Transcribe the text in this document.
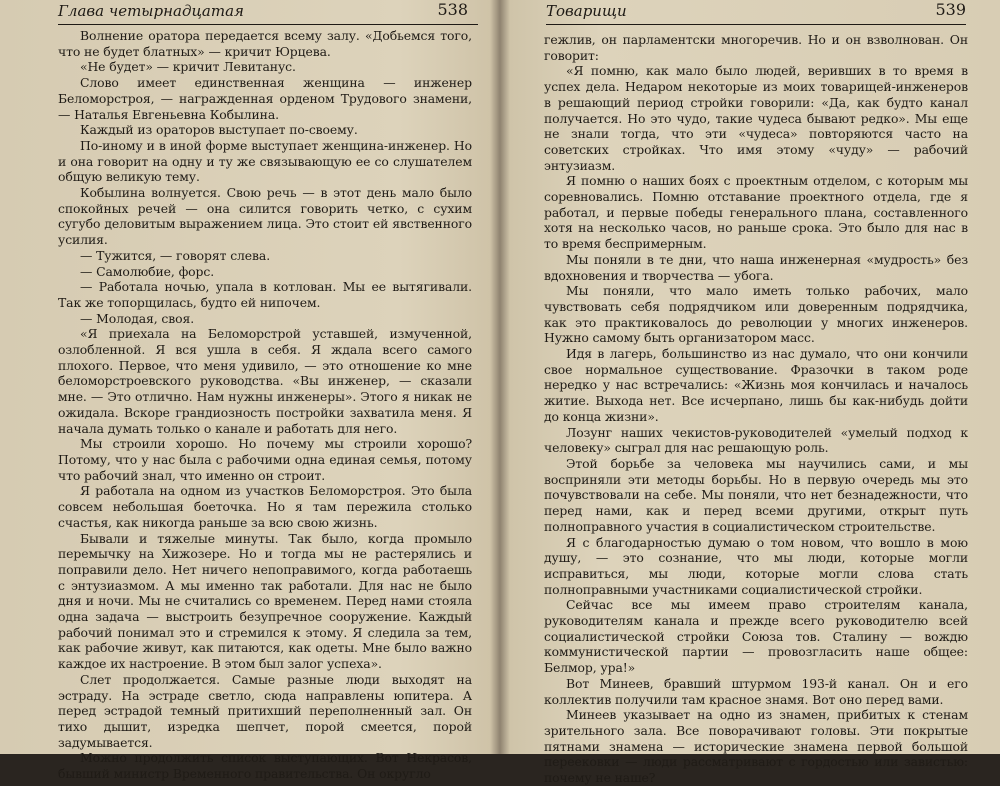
Глава четырнадцатая	538

Волнение оратора передается всему залу. «Добьемся того, что не будет блатных» — кричит Юрцева.

«Не будет» — кричит Левитанус.

Слово имеет единственная женщина — инженер Беломорстроя, — награжденная орденом Трудового знамени, — Наталья Евгеньевна Кобылина.

Каждый из ораторов выступает по-своему.

По-иному и в иной форме выступает женщина-инженер. Но и она говорит на одну и ту же связывающую ее со слушателем общую великую тему.

Кобылина волнуется. Свою речь — в этот день мало было спокойных речей — она силится говорить четко, с сухим сугубо деловитым выражением лица. Это стоит ей явственного усилия.

— Тужится, — говорят слева.

— Самолюбие, форс.

— Работала ночью, упала в котлован. Мы ее вытягивали. Так же топорщилась, будто ей нипочем.

— Молодая, своя.

«Я приехала на Беломорстрой уставшей, измученной, озлобленной. Я вся ушла в себя. Я ждала всего самого плохого. Первое, что меня удивило, — это отношение ко мне беломорстроевского руководства. «Вы инженер, — сказали мне. — Это отлично. Нам нужны инженеры». Этого я никак не ожидала. Вскоре грандиозность постройки захватила меня. Я начала думать только о канале и работать для него.

Мы строили хорошо. Но почему мы строили хорошо? Потому, что у нас была с рабочими одна единая семья, потому что рабочий знал, что именно он строит.

Я работала на одном из участков Беломорстроя. Это была совсем небольшая боеточка. Но я там пережила столько счастья, как никогда раньше за всю свою жизнь.

Бывали и тяжелые минуты. Так было, когда промыло перемычку на Хижозере. Но и тогда мы не растерялись и поправили дело. Нет ничего непоправимого, когда работаешь с энтузиазмом. А мы именно так работали. Для нас не было дня и ночи. Мы не считались со временем. Перед нами стояла одна задача — выстроить безупречное сооружение. Каждый рабочий понимал это и стремился к этому. Я следила за тем, как рабочие живут, как питаются, как одеты. Мне было важно каждое их настроение. В этом был залог успеха».

Слет продолжается. Самые разные люди выходят на эстраду. На эстраде светло, сюда направлены юпитера. А перед эстрадой темный притихший переполненный зал. Он тихо дышит, изредка шепчет, порой смеется, порой задумывается.

Можно продолжить список выступающих. Вот Некрасов, бывший министр Временного правительства. Он округло

Товарищи	539

гежлив, он парламентски многоречив. Но и он взволнован. Он говорит:

«Я помню, как мало было людей, веривших в то время в успех дела. Недаром некоторые из моих товарищей-инженеров в решающий период стройки говорили: «Да, как будто канал получается. Но это чудо, такие чудеса бывают редко». Мы еще не знали тогда, что эти «чудеса» повторяются часто на советских стройках. Что имя этому «чуду» — рабочий энтузиазм.

Я помню о наших боях с проектным отделом, с которым мы соревновались. Помню отставание проектного отдела, где я работал, и первые победы генерального плана, составленного хотя на несколько часов, но раньше срока. Это было для нас в то время беспримерным.

Мы поняли в те дни, что наша инженерная «мудрость» без вдохновения и творчества — убога.

Мы поняли, что мало иметь только рабочих, мало чувствовать себя подрядчиком или доверенным подрядчика, как это практиковалось до революции у многих инженеров. Нужно самому быть организатором масс.

Идя в лагерь, большинство из нас думало, что они кончили свое нормальное существование. Фразочки в таком роде нередко у нас встречались: «Жизнь моя кончилась и началось житие. Выхода нет. Все исчерпано, лишь бы как-нибудь дойти до конца жизни».

Лозунг наших чекистов-руководителей «умелый подход к человеку» сыграл для нас решающую роль.

Этой борьбе за человека мы научились сами, и мы восприняли эти методы борьбы. Но в первую очередь мы это почувствовали на себе. Мы поняли, что нет безнадежности, что перед нами, как и перед всеми другими, открыт путь полноправного участия в социалистическом строительстве.

Я с благодарностью думаю о том новом, что вошло в мою душу, — это сознание, что мы люди, которые могли исправиться, мы люди, которые могли слова стать полноправными участниками социалистической стройки.

Сейчас все мы имеем право строителям канала, руководителям канала и прежде всего руководителю всей социалистической стройки Союза тов. Сталину — вождю коммунистической партии — провозгласить наше общее: Белмор, ура!»

Вот Минеев, бравший штурмом 193-й канал. Он и его коллектив получили там красное знамя. Вот оно перед вами.

Минеев указывает на одно из знамен, прибитых к стенам зрительного зала. Все поворачивают головы. Эти покрытые пятнами знамена — исторические знамена первой большой переековки — люди рассматривают с гордостью или завистью: почему не наше?
